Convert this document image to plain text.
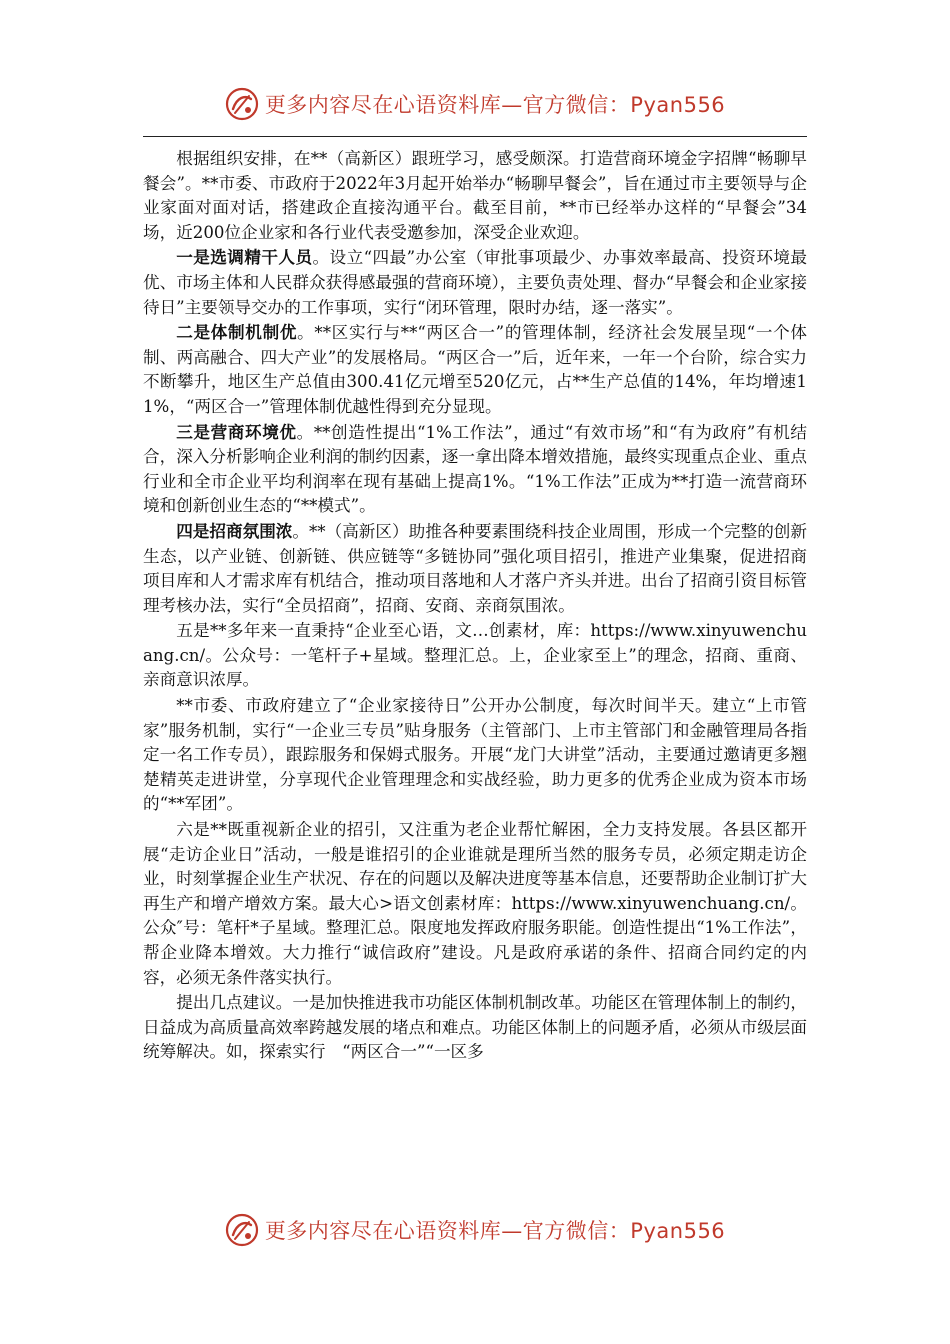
更多内容尽在心语资料库—官方微信：Pyan556

根据组织安排，在**（高新区）跟班学习，感受颇深。打造营商环境金字招牌“畅聊早餐会”。**市委、市政府于2022年3月起开始举办“畅聊早餐会”，旨在通过市主要领导与企业家面对面对话，搭建政企直接沟通平台。截至目前，**市已经举办这样的“早餐会”34场，近200位企业家和各行业代表受邀参加，深受企业欢迎。

一是选调精干人员。设立“四最”办公室（审批事项最少、办事效率最高、投资环境最优、市场主体和人民群众获得感最强的营商环境），主要负责处理、督办“早餐会和企业家接待日”主要领导交办的工作事项，实行“闭环管理，限时办结，逐一落实”。

二是体制机制优。**区实行与**“两区合一”的管理体制，经济社会发展呈现“一个体制、两高融合、四大产业”的发展格局。“两区合一”后，近年来，一年一个台阶，综合实力不断攀升，地区生产总值由300.41亿元增至520亿元，占**生产总值的14%，年均增速11%，“两区合一”管理体制优越性得到充分显现。

三是营商环境优。**创造性提出“1%工作法”，通过“有效市场”和“有为政府”有机结合，深入分析影响企业利润的制约因素，逐一拿出降本增效措施，最终实现重点企业、重点行业和全市企业平均利润率在现有基础上提高1%。“1%工作法”正成为**打造一流营商环境和创新创业生态的“**模式”。

四是招商氛围浓。**（高新区）助推各种要素围绕科技企业周围，形成一个完整的创新生态，以产业链、创新链、供应链等“多链协同”强化项目招引，推进产业集聚，促进招商项目库和人才需求库有机结合，推动项目落地和人才落户齐头并进。出台了招商引资目标管理考核办法，实行“全员招商”，招商、安商、亲商氛围浓。

五是**多年来一直秉持“企业至心语，文…创素材，库：https://www.xinyuwenchuang.cn/。公众号：一笔杆子+星域。整理汇总。上，企业家至上”的理念，招商、重商、亲商意识浓厚。

**市委、市政府建立了“企业家接待日”公开办公制度，每次时间半天。建立“上市管家”服务机制，实行“一企业三专员”贴身服务（主管部门、上市主管部门和金融管理局各指定一名工作专员），跟踪服务和保姆式服务。开展“龙门大讲堂”活动，主要通过邀请更多翘楚精英走进讲堂，分享现代企业管理理念和实战经验，助力更多的优秀企业成为资本市场的“**军团”。

六是**既重视新企业的招引，又注重为老企业帮忙解困，全力支持发展。各县区都开展“走访企业日”活动，一般是谁招引的企业谁就是理所当然的服务专员，必须定期走访企业，时刻掌握企业生产状况、存在的问题以及解决进度等基本信息，还要帮助企业制订扩大再生产和增产增效方案。最大心>语文创素材库：https://www.xinyuwenchuang.cn/。公众″号：笔杆*子星域。整理汇总。限度地发挥政府服务职能。创造性提出“1%工作法”，帮企业降本增效。大力推行“诚信政府”建设。凡是政府承诺的条件、招商合同约定的内容，必须无条件落实执行。

提出几点建议。一是加快推进我市功能区体制机制改革。功能区在管理体制上的制约，日益成为高质量高效率跨越发展的堵点和难点。功能区体制上的问题矛盾，必须从市级层面统筹解决。如，探索实行　“两区合一”“一区多

更多内容尽在心语资料库—官方微信：Pyan556
